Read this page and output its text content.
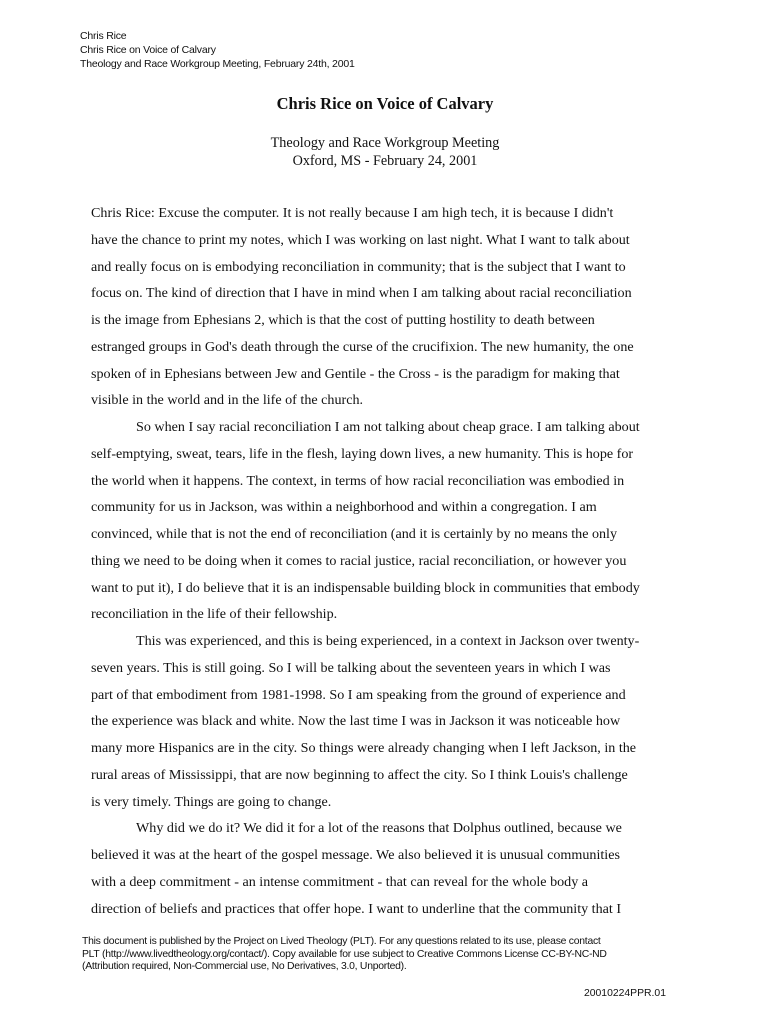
Chris Rice
Chris Rice on Voice of Calvary
Theology and Race Workgroup Meeting, February 24th, 2001
Chris Rice on Voice of Calvary
Theology and Race Workgroup Meeting
Oxford, MS - February 24, 2001
Chris Rice: Excuse the computer. It is not really because I am high tech, it is because I didn't
have the chance to print my notes, which I was working on last night. What I want to talk about
and really focus on is embodying reconciliation in community; that is the subject that I want to
focus on. The kind of direction that I have in mind when I am talking about racial reconciliation
is the image from Ephesians 2, which is that the cost of putting hostility to death between
estranged groups in God's death through the curse of the crucifixion. The new humanity, the one
spoken of in Ephesians between Jew and Gentile - the Cross - is the paradigm for making that
visible in the world and in the life of the church.
So when I say racial reconciliation I am not talking about cheap grace. I am talking about
self-emptying, sweat, tears, life in the flesh, laying down lives, a new humanity. This is hope for
the world when it happens. The context, in terms of how racial reconciliation was embodied in
community for us in Jackson, was within a neighborhood and within a congregation. I am
convinced, while that is not the end of reconciliation (and it is certainly by no means the only
thing we need to be doing when it comes to racial justice, racial reconciliation, or however you
want to put it), I do believe that it is an indispensable building block in communities that embody
reconciliation in the life of their fellowship.
This was experienced, and this is being experienced, in a context in Jackson over twenty-
seven years. This is still going. So I will be talking about the seventeen years in which I was
part of that embodiment from 1981-1998. So I am speaking from the ground of experience and
the experience was black and white. Now the last time I was in Jackson it was noticeable how
many more Hispanics are in the city. So things were already changing when I left Jackson, in the
rural areas of Mississippi, that are now beginning to affect the city. So I think Louis's challenge
is very timely. Things are going to change.
Why did we do it? We did it for a lot of the reasons that Dolphus outlined, because we
believed it was at the heart of the gospel message. We also believed it is unusual communities
with a deep commitment - an intense commitment - that can reveal for the whole body a
direction of beliefs and practices that offer hope. I want to underline that the community that I
This document is published by the Project on Lived Theology (PLT). For any questions related to its use, please contact
PLT (http://www.livedtheology.org/contact/). Copy available for use subject to Creative Commons License CC-BY-NC-ND
(Attribution required, Non-Commercial use, No Derivatives, 3.0, Unported).
20010224PPR.01
